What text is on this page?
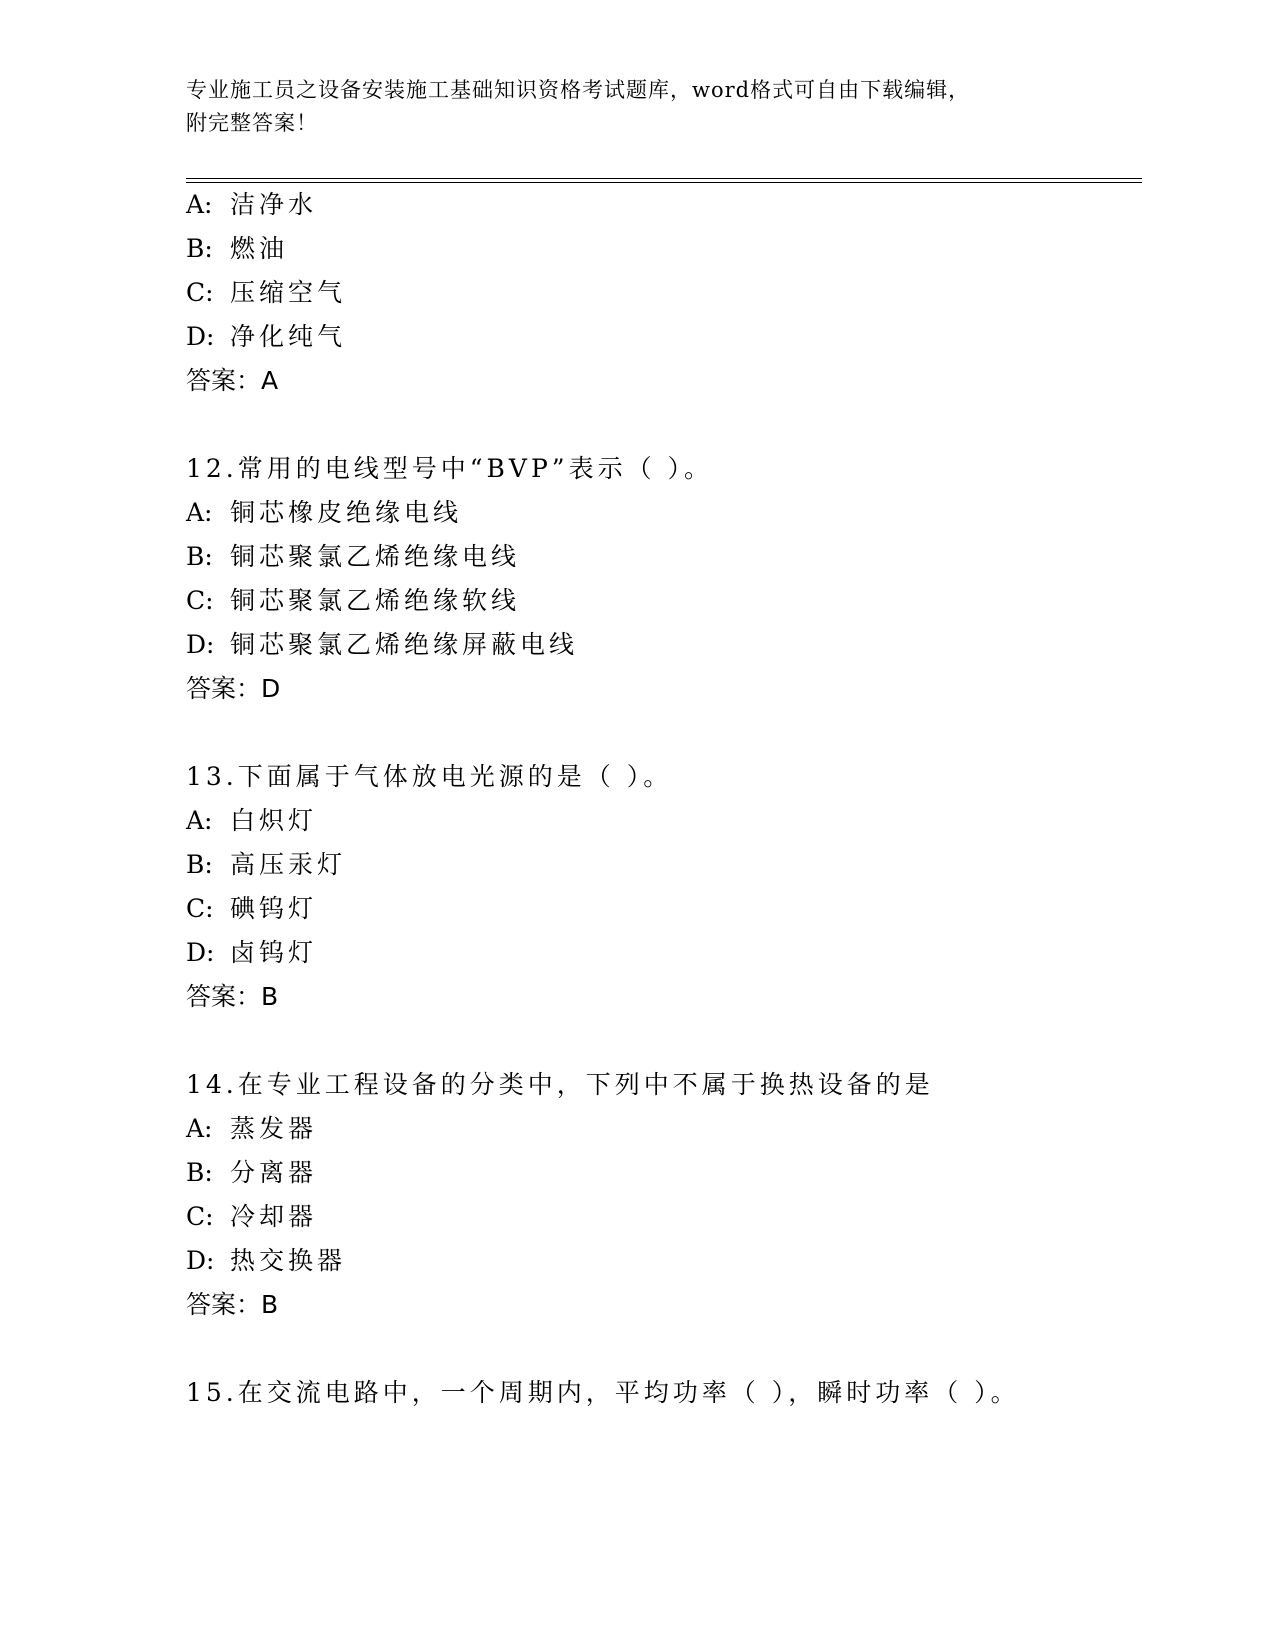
专业施工员之设备安装施工基础知识资格考试题库，word格式可自由下载编辑，
附完整答案！
A: 洁净水
B: 燃油
C: 压缩空气
D: 净化纯气
答案：A
12.常用的电线型号中“BVP”表示（ ）。
A: 铜芯橡皮绝缘电线
B: 铜芯聚氯乙烯绝缘电线
C: 铜芯聚氯乙烯绝缘软线
D: 铜芯聚氯乙烯绝缘屏蔽电线
答案：D
13.下面属于气体放电光源的是（ ）。
A: 白炽灯
B: 高压汞灯
C: 碘钨灯
D: 卤钨灯
答案：B
14.在专业工程设备的分类中，下列中不属于换热设备的是
A: 蒸发器
B: 分离器
C: 冷却器
D: 热交换器
答案：B
15.在交流电路中，一个周期内，平均功率（ ），瞬时功率（ ）。
